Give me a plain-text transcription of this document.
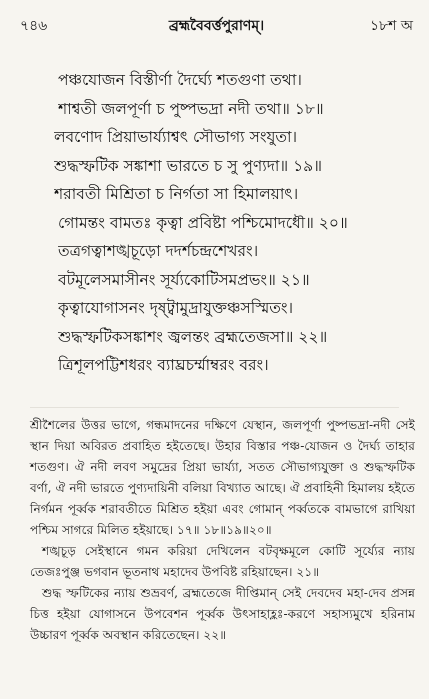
৭৪৬	ব্রহ্মবৈবর্ত্তপুরাণম্।	১৮শ অ
পঞ্চযোজন বিস্তীর্ণা দৈর্ঘ্যে শতগুণা তথা।
শাশ্বতী জলপূর্ণা চ পুষ্পভদ্রা নদী তথা॥ ১৮॥
লবণোদ প্রিয়াভার্য্যাশ্বৎ সৌভাগ্য সংযুতা।
শুদ্ধস্ফটিক সঙ্কাশা ভারতে চ সু পুণ্যদা॥ ১৯॥
শরাবতী মিশ্রিতা চ নির্গতা সা হিমালয়াৎ।
গোমন্তং বামতঃ কৃত্বা প্রবিষ্টা পশ্চিমোদধৌ॥ ২০॥
তত্রগত্বাশঙ্খচূড়ো দদর্শচন্দ্রশেখরং।
বটমূলেসমাসীনং সূর্য্যকোটিসমপ্রভং॥ ২১॥
কৃত্বাযোগাসনং দৃষ্ট্বামুদ্রাযুক্তঞ্চসস্মিতং।
শুদ্ধস্ফটিকসঙ্কাশং জ্বলন্তং ব্রহ্মতেজসা॥ ২২॥
ত্রিশূলপট্টিশধরং ব্যাঘ্রচর্ম্মাম্বরং বরং।

শ্রীশৈলের উত্তর ভাগে, গন্ধমাদনের দক্ষিণে যেস্থান, জলপূর্ণা পুষ্পভদ্রা-নদী সেই স্থান দিয়া অবিরত প্রবাহিত হইতেছে। উহার বিস্তার পঞ্চ-যোজন ও দৈর্ঘ্য তাহার শতগুণ। ঐ নদী লবণ সমুদ্রের প্রিয়া ভার্য্যা, সতত সৌভাগ্যযুক্তা ও শুদ্ধস্ফটিক বর্ণা, ঐ নদী ভারতে পুণ্যদায়িনী বলিয়া বিখ্যাত আছে। ঐ প্রবাহিনী হিমালয় হইতে নির্গমন পূর্ব্বক শরাবতীতে মিশ্রিত হইয়া এবং গোমান্ পর্ব্বতকে বামভাগে রাখিয়া পশ্চিম সাগরে মিলিত হইয়াছে। ১৭॥ ১৮॥১৯॥২০॥

শঙ্খচূড় সেইস্থানে গমন করিয়া দেখিলেন বটবৃক্ষমূলে কোটি সূর্য্যের ন্যায় তেজঃপুঞ্জ ভগবান ভূতনাথ মহাদেব উপবিষ্ট রহিয়াছেন। ২১॥

শুদ্ধ স্ফটিকের ন্যায় শুভ্রবর্ণ, ব্রহ্মতেজে দীপ্তিমান্ সেই দেবদেব মহা-দেব প্রসন্ন চিত্ত হইয়া যোগাসনে উপবেশন পূর্ব্বক উৎসাহাহ্লঃ-করণে সহাস্যমুখে হরিনাম উচ্চারণ পূর্ব্বক অবস্থান করিতেছেন। ২২॥
